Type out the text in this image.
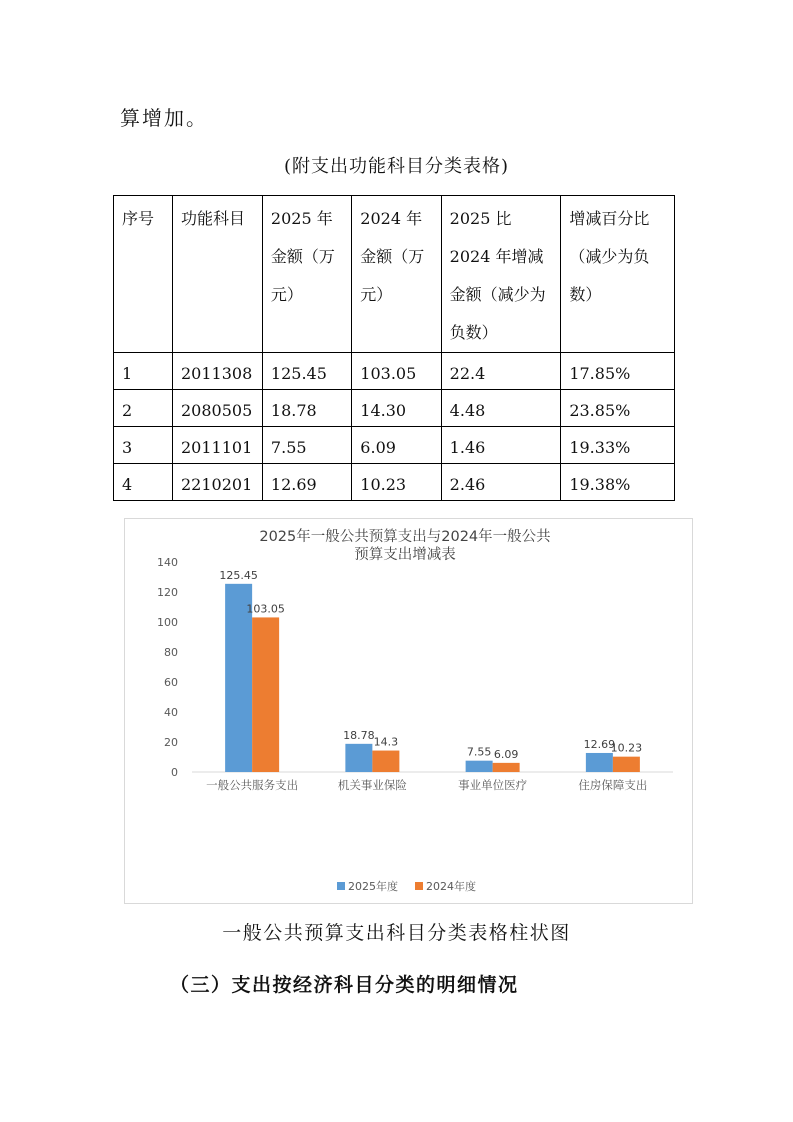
算增加。
(附支出功能科目分类表格)
序号	功能科目	2025 年金额（万元）	2024 年金额（万元）	2025 比 2024 年增减金额（减少为负数）	增减百分比（减少为负数）
1	2011308	125.45	103.05	22.4	17.85%
2	2080505	18.78	14.30	4.48	23.85%
3	2011101	7.55	6.09	1.46	19.33%
4	2210201	12.69	10.23	2.46	19.38%
2025年一般公共预算支出与2024年一般公共
预算支出增减表
0
20
40
60
80
100
120
140
125.45
103.05
一般公共服务支出
18.78
14.3
机关事业保险
7.55 6.09
事业单位医疗
12.69
10.23
住房保障支出
2025年度	2024年度
一般公共预算支出科目分类表格柱状图
（三）支出按经济科目分类的明细情况
